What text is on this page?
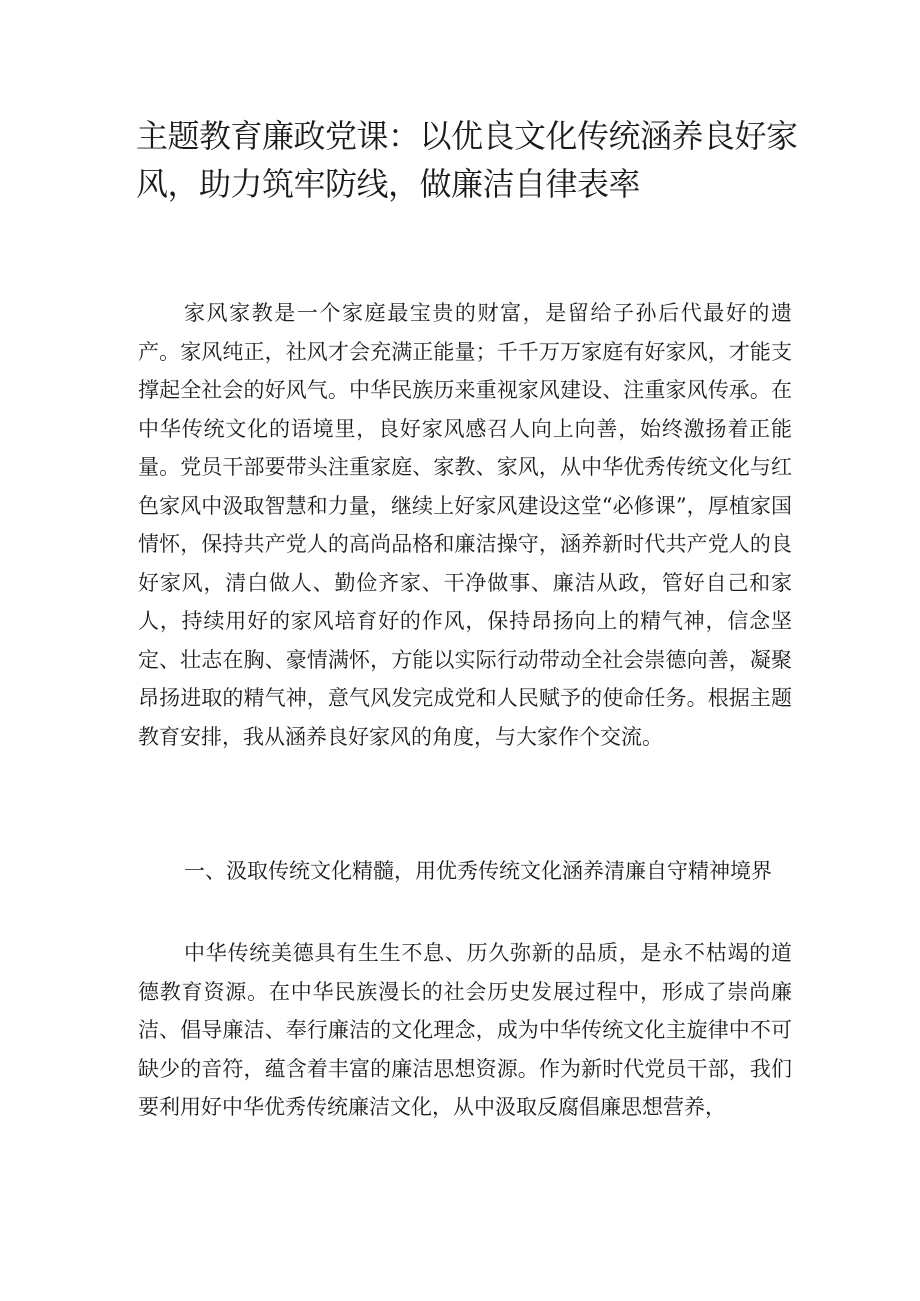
主题教育廉政党课：以优良文化传统涵养良好家
风，助力筑牢防线，做廉洁自律表率

家风家教是一个家庭最宝贵的财富，是留给子孙后代最好的遗产。家风纯正，社风才会充满正能量；千千万万家庭有好家风，才能支撑起全社会的好风气。中华民族历来重视家风建设、注重家风传承。在中华传统文化的语境里，良好家风感召人向上向善，始终激扬着正能量。党员干部要带头注重家庭、家教、家风，从中华优秀传统文化与红色家风中汲取智慧和力量，继续上好家风建设这堂“必修课”，厚植家国情怀，保持共产党人的高尚品格和廉洁操守，涵养新时代共产党人的良好家风，清白做人、勤俭齐家、干净做事、廉洁从政，管好自己和家人，持续用好的家风培育好的作风，保持昂扬向上的精气神，信念坚定、壮志在胸、豪情满怀，方能以实际行动带动全社会崇德向善，凝聚昂扬进取的精气神，意气风发完成党和人民赋予的使命任务。根据主题教育安排，我从涵养良好家风的角度，与大家作个交流。

一、汲取传统文化精髓，用优秀传统文化涵养清廉自守精神境界

中华传统美德具有生生不息、历久弥新的品质，是永不枯竭的道德教育资源。在中华民族漫长的社会历史发展过程中，形成了崇尚廉洁、倡导廉洁、奉行廉洁的文化理念，成为中华传统文化主旋律中不可缺少的音符，蕴含着丰富的廉洁思想资源。作为新时代党员干部，我们要利用好中华优秀传统廉洁文化，从中汲取反腐倡廉思想营养，
